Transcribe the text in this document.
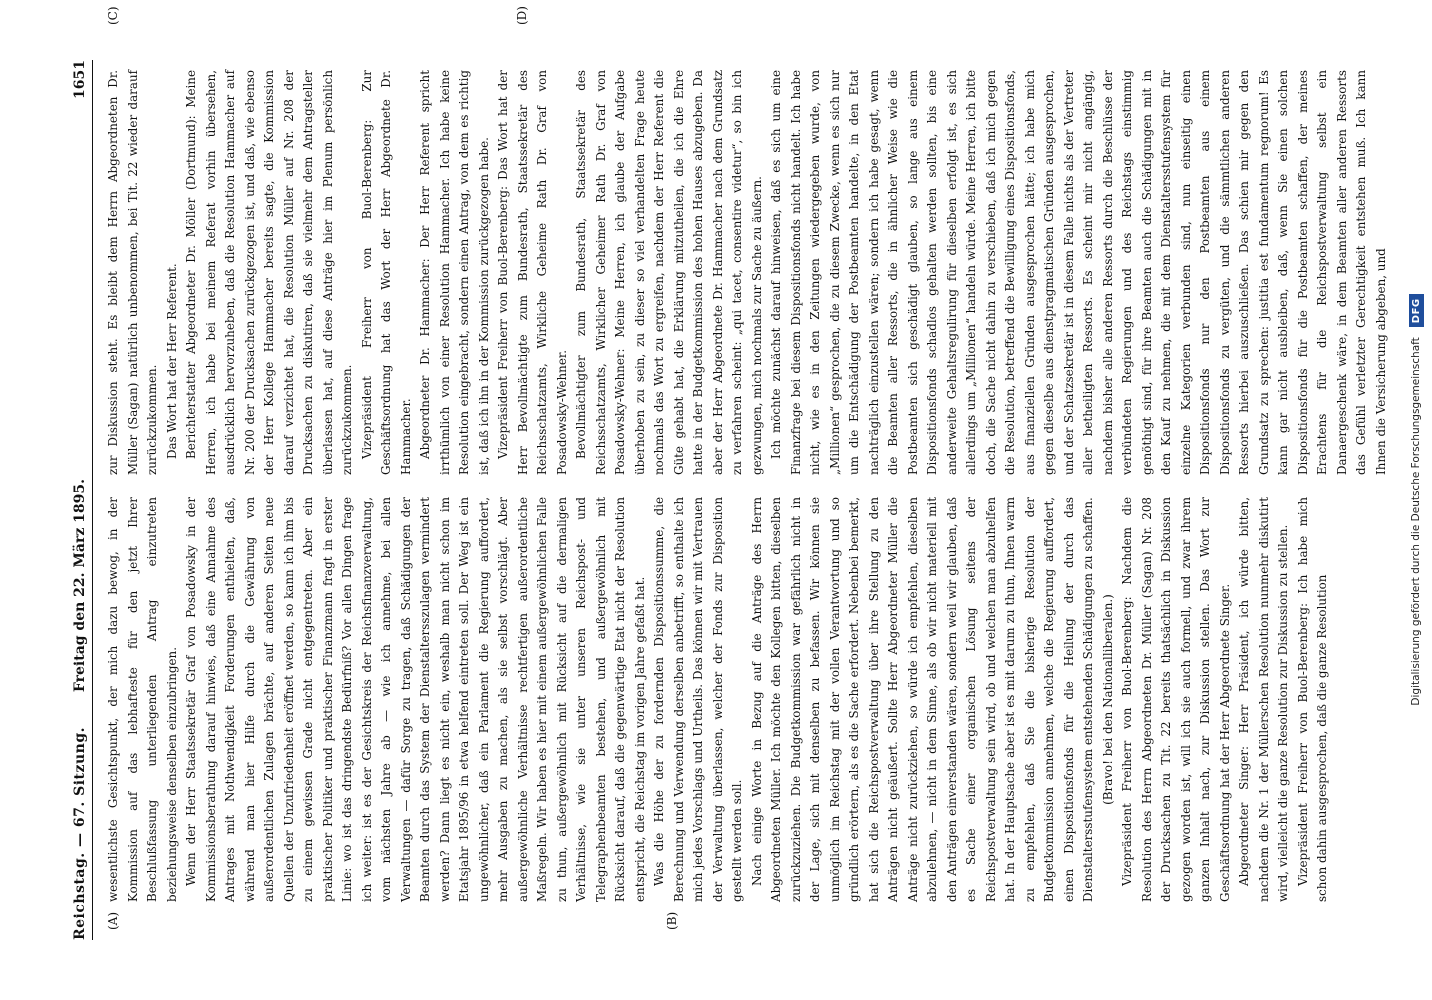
Reichstag. — 67. Sitzung.
Freitag den 22. März 1895.
1651
(A)	(B)
(C)	(D)

wesentlichste Gesichtspunkt, der mich dazu bewog, in der Kommission auf das lebhafteste für den jetzt Ihrer Beschlußfassung unterliegenden Antrag einzutreten beziehungsweise denselben einzubringen. Wenn der Herr Staatssekretär Graf von Posadowsky in der Kommissionsberathung darauf hinwies, daß eine Annahme des Antrages mit Nothwendigkeit Forderungen enthielten, daß, während man hier Hilfe durch die Gewährung von außerordentlichen Zulagen brächte, auf anderen Seiten neue Quellen der Unzufriedenheit eröffnet werden, so kann ich ihm bis zu einem gewissen Grade nicht entgegentreten. Aber ein praktischer Politiker und praktischer Finanzmann fragt in erster Linie: wo ist das dringendste Bedürfniß? Vor allen Dingen frage ich weiter: ist es der Gesichtskreis der Reichsfinanzverwaltung, vom nächsten Jahre ab — wie ich annehme, bei allen Verwaltungen — dafür Sorge zu tragen, daß Schädigungen der Beamten durch das System der Dienstaltersszulagen vermindert werden? Dann liegt es nicht ein, weshalb man nicht schon im Etatsjahr 1895/96 in etwa helfend eintreten soll. Der Weg ist ein ungewöhnlicher, daß ein Parlament die Regierung auffordert, mehr Ausgaben zu machen, als sie selbst vorschlägt. Aber außergewöhnliche Verhältnisse rechtfertigen außerordentliche Maßregeln. Wir haben es hier mit einem außergewöhnlichen Falle zu thun, außergewöhnlich mit Rücksicht auf die dermaligen Verhältnisse, wie sie unter unseren Reichspost- und Telegraphenbeamten bestehen, und außergewöhnlich mit Rücksicht darauf, daß die gegenwärtige Etat nicht der Resolution entspricht, die Reichstag im vorigen Jahre gefaßt hat. Was die Höhe der zu fordernden Dispositionssumme, die Berechnung und Verwendung derselben anbetrifft, so enthalte ich mich jedes Vorschlags und Urtheils. Das können wir mit Vertrauen der Verwaltung überlassen, welcher der Fonds zur Disposition gestellt werden soll. Nach einige Worte in Bezug auf die Anträge des Herrn Abgeordneten Müller. Ich möchte den Kollegen bitten, dieselben zurückzuziehen. Die Budgetkommission war gefährlich nicht in der Lage, sich mit denselben zu befassen. Wir können sie unmöglich im Reichstag mit der vollen Verantwortung und so gründlich erörtern, als es die Sache erfordert. Nebenbei bemerkt, hat sich die Reichspostverwaltung über ihre Stellung zu den Anträgen nicht geäußert. Sollte Herr Abgeordneter Müller die Anträge nicht zurückziehen, so würde ich empfehlen, dieselben abzulehnen, — nicht in dem Sinne, als ob wir nicht materiell mit den Anträgen einverstanden wären, sondern weil wir glauben, daß es Sache einer organischen Lösung seitens der Reichspostverwaltung sein wird, ob und welchen man abzuhelfen hat. In der Hauptsache aber ist es mit darum zu thun, Ihnen warm zu empfehlen, daß Sie die bisherige Resolution der Budgetkommission annehmen, welche die Regierung auffordert, einen Dispositionsfonds für die Heilung der durch das Dienstaltersstufensystem entstehenden Schädigungen zu schaffen. (Bravo! bei den Nationalliberalen.) Vizepräsident Freiherr von Buol-Berenberg: Nachdem die Resolution des Herrn Abgeordneten Dr. Müller (Sagan) Nr. 208 der Drucksachen zu Tit. 22 bereits thatsächlich in Diskussion gezogen worden ist, will ich sie auch formell, und zwar ihrem ganzen Inhalt nach, zur Diskussion stellen. Das Wort zur Geschäftsordnung hat der Herr Abgeordnete Singer. Abgeordneter Singer: Herr Präsident, ich würde bitten, nachdem die Nr. 1 der Müllerschen Resolution nunmehr diskutirt wird, vielleicht die ganze Resolution zur Diskussion zu stellen. Vizepräsident Freiherr von Buol-Berenberg: Ich habe mich schon dahin ausgesprochen, daß die ganze Resolution

zur Diskussion steht. Es bleibt dem Herrn Abgeordneten Dr. Müller (Sagan) natürlich unbenommen, bei Tit. 22 wieder darauf zurückzukommen. Das Wort hat der Herr Referent. Berichterstatter Abgeordneter Dr. Möller (Dortmund): Meine Herren, ich habe bei meinem Referat vorhin übersehen, ausdrücklich hervorzuheben, daß die Resolution Hammacher auf Nr. 200 der Drucksachen zurückgezogen ist, und daß, wie ebenso der Herr Kollege Hammacher bereits sagte, die Kommission darauf verzichtet hat, die Resolution Müller auf Nr. 208 der Drucksachen zu diskutiren, daß sie vielmehr dem Antragsteller überlassen hat, auf diese Anträge hier im Plenum persönlich zurückzukommen. Vizepräsident Freiherr von Buol-Berenberg: Zur Geschäftsordnung hat das Wort der Herr Abgeordnete Dr. Hammacher. Abgeordneter Dr. Hammacher: Der Herr Referent spricht irrthümlich von einer Resolution Hammacher. Ich habe keine Resolution eingebracht, sondern einen Antrag, von dem es richtig ist, daß ich ihn in der Kommission zurückgezogen habe. Vizepräsident Freiherr von Buol-Berenberg: Das Wort hat der Herr Bevollmächtigte zum Bundesrath, Staatssekretär des Reichsschatzamts, Wirkliche Geheime Rath Dr. Graf von Posadowsky-Wehner. Bevollmächtigter zum Bundesrath, Staatssekretär des Reichsschatzamts, Wirklicher Geheimer Rath Dr. Graf von Posadowsky-Wehner: Meine Herren, ich glaube der Aufgabe überhoben zu sein, zu dieser so viel verhandelten Frage heute nochmals das Wort zu ergreifen, nachdem der Herr Referent die Güte gehabt hat, die Erklärung mitzutheilen, die ich die Ehre hatte in der Budgetkommission des hohen Hauses abzugeben. Da aber der Herr Abgeordnete Dr. Hammacher nach dem Grundsatz zu verfahren scheint: „qui tacet, consentire videtur“, so bin ich gezwungen, mich nochmals zur Sache zu äußern. Ich möchte zunächst darauf hinweisen, daß es sich um eine Finanzfrage bei diesem Dispositionsfonds nicht handelt. Ich habe nicht, wie es in den Zeitungen wiedergegeben wurde, von „Millionen“ gesprochen, die zu diesem Zwecke, wenn es sich nur um die Entschädigung der Postbeamten handelte, in den Etat nachträglich einzustellen wären; sondern ich habe gesagt, wenn die Beamten aller Ressorts, die in ähnlicher Weise wie die Postbeamten sich geschädigt glauben, so lange aus einem Dispositionsfonds schadlos gehalten werden sollten, bis eine anderweite Gehaltsregulirung für dieselben erfolgt ist, es sich allerdings um „Millionen“ handeln würde. Meine Herren, ich bitte doch, die Sache nicht dahin zu verschieben, daß ich mich gegen die Resolution, betreffend die Bewilligung eines Dispositionsfonds, aus finanziellen Gründen ausgesprochen hätte; ich habe mich gegen dieselbe aus dienstpragmatischen Gründen ausgesprochen, und der Schatzsekretär ist in diesem Falle nichts als der Vertreter aller betheiligten Ressorts. Es scheint mir nicht angängig, nachdem bisher alle anderen Ressorts durch die Beschlüsse der verbündeten Regierungen und des Reichstags einstimmig genöthigt sind, für ihre Beamten auch die Schädigungen mit in den Kauf zu nehmen, die mit dem Dienstaltersstufensystem für einzelne Kategorien verbunden sind, nun einseitig einen Dispositionsfonds nur den Postbeamten aus einem Dispositionsfonds zu vergüten, und die sämmtlichen anderen Ressorts hierbei auszuschließen. Das schien mir gegen den Grundsatz zu sprechen: justitia est fundamentum regnorum! Es kann gar nicht ausbleiben, daß, wenn Sie einen solchen Dispositionsfonds für die Postbeamten schaffen, der meines Erachtens für die Reichspostverwaltung selbst ein Danaergeschenk wäre, in dem Beamten aller anderen Ressorts das Gefühl verletzter Gerechtigkeit entstehen muß. Ich kann Ihnen die Versicherung abgeben, und	Digitalisierung gefördert durch die Deutsche Forschungsgemeinschaft
DFG
